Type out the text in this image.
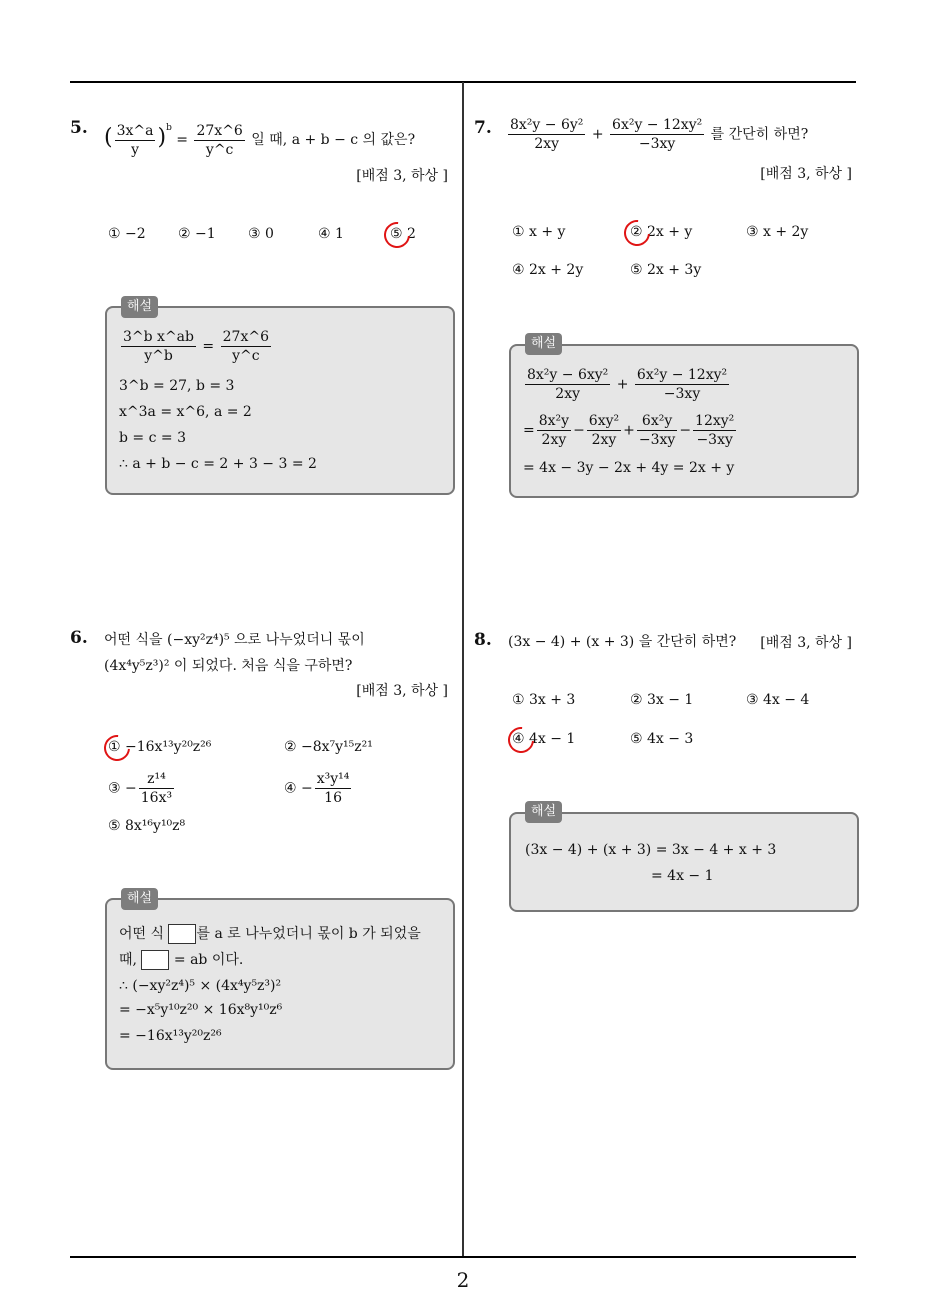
5. ( $\frac{3x\^{}a}{y} )^b = \frac{27x\^{}6}{y\^{}c}$ 일 때, a + b − c 의 값은?
[배점 3, 하상 ]
① −2 ② −1 ③ 0	④ 1	⑤ 2
$\frac{\text{3\textasciicircum{}b x\textasciicircum{}ab}}{y\^{}b} = \frac{27x\^{}6}{y\^{}c}$
3^b = 27, b = 3
x^3a = x^6, a = 2
b = c = 3
∴ a + b − c = 2 + 3 − 3 = 2
해설
6. 어떤 식을 (−xy²z⁴)⁵ 으로 나누었더니 몫이
(4x⁴y⁵z³)² 이 되었다. 처음 식을 구하면?
[배점 3, 하상 ]
① −16x¹³y²⁰z²⁶	② −8x⁷y¹⁵z²¹
③ − $\frac{\text{z¹⁴}}{\text{16x³}}$	④ − $\frac{\text{x³y¹⁴}}{16}$
⑤ 8x¹⁶y¹⁰z⁸
어떤 식 를 a 로 나누었더니 몫이 b 가 되었을
때,	= ab 이다.
∴ (−xy²z⁴)⁵ × (4x⁴y⁵z³)²
= −x⁵y¹⁰z²⁰ × 16x⁸y¹⁰z⁶
= −16x¹³y²⁰z²⁶
해설
7. $\frac{\text{8x²y − 6y²}}{2xy} + \frac{\text{6x²y − 12xy²}}{-3xy}$ 를 간단히 하면?
[배점 3, 하상 ]
① x + y	② 2x + y	③ x + 2y
④ 2x + 2y	⑤ 2x + 3y
$\frac{\text{8x²y − 6xy²}}{2xy} + \frac{\text{6x²y − 12xy²}}{-3xy}$
= $\frac{\text{8x²y}}{2xy} - \frac{\text{6xy²}}{2xy} + \frac{\text{6x²y}}{-3xy} - \frac{\text{12xy²}}{-3xy}$
= 4x − 3y − 2x + 4y = 2x + y
해설
8. (3x − 4) + (x + 3) 을 간단히 하면?	[배점 3, 하상 ]
① 3x + 3	② 3x − 1	③ 4x − 4
④ 4x − 1	⑤ 4x − 3
(3x − 4) + (x + 3) = 3x − 4 + x + 3
= 4x − 1
해설
2
